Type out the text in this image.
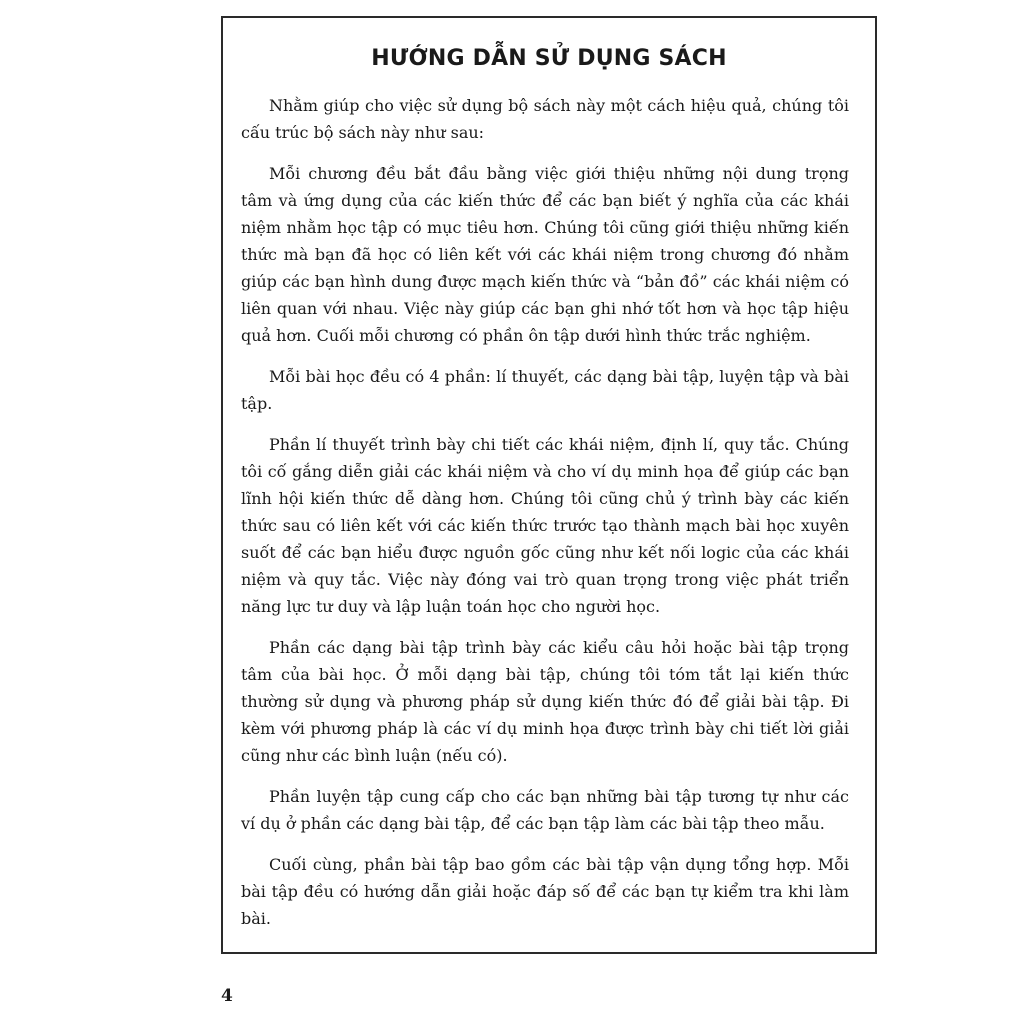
HƯỚNG DẪN SỬ DỤNG SÁCH

Nhằm giúp cho việc sử dụng bộ sách này một cách hiệu quả, chúng tôi cấu trúc bộ sách này như sau:

Mỗi chương đều bắt đầu bằng việc giới thiệu những nội dung trọng tâm và ứng dụng của các kiến thức để các bạn biết ý nghĩa của các khái niệm nhằm học tập có mục tiêu hơn. Chúng tôi cũng giới thiệu những kiến thức mà bạn đã học có liên kết với các khái niệm trong chương đó nhằm giúp các bạn hình dung được mạch kiến thức và “bản đồ” các khái niệm có liên quan với nhau. Việc này giúp các bạn ghi nhớ tốt hơn và học tập hiệu quả hơn. Cuối mỗi chương có phần ôn tập dưới hình thức trắc nghiệm.

Mỗi bài học đều có 4 phần: lí thuyết, các dạng bài tập, luyện tập và bài tập.

Phần lí thuyết trình bày chi tiết các khái niệm, định lí, quy tắc. Chúng tôi cố gắng diễn giải các khái niệm và cho ví dụ minh họa để giúp các bạn lĩnh hội kiến thức dễ dàng hơn. Chúng tôi cũng chủ ý trình bày các kiến thức sau có liên kết với các kiến thức trước tạo thành mạch bài học xuyên suốt để các bạn hiểu được nguồn gốc cũng như kết nối logic của các khái niệm và quy tắc. Việc này đóng vai trò quan trọng trong việc phát triển năng lực tư duy và lập luận toán học cho người học.

Phần các dạng bài tập trình bày các kiểu câu hỏi hoặc bài tập trọng tâm của bài học. Ở mỗi dạng bài tập, chúng tôi tóm tắt lại kiến thức thường sử dụng và phương pháp sử dụng kiến thức đó để giải bài tập. Đi kèm với phương pháp là các ví dụ minh họa được trình bày chi tiết lời giải cũng như các bình luận (nếu có).

Phần luyện tập cung cấp cho các bạn những bài tập tương tự như các ví dụ ở phần các dạng bài tập, để các bạn tập làm các bài tập theo mẫu.

Cuối cùng, phần bài tập bao gồm các bài tập vận dụng tổng hợp. Mỗi bài tập đều có hướng dẫn giải hoặc đáp số để các bạn tự kiểm tra khi làm bài.

4
